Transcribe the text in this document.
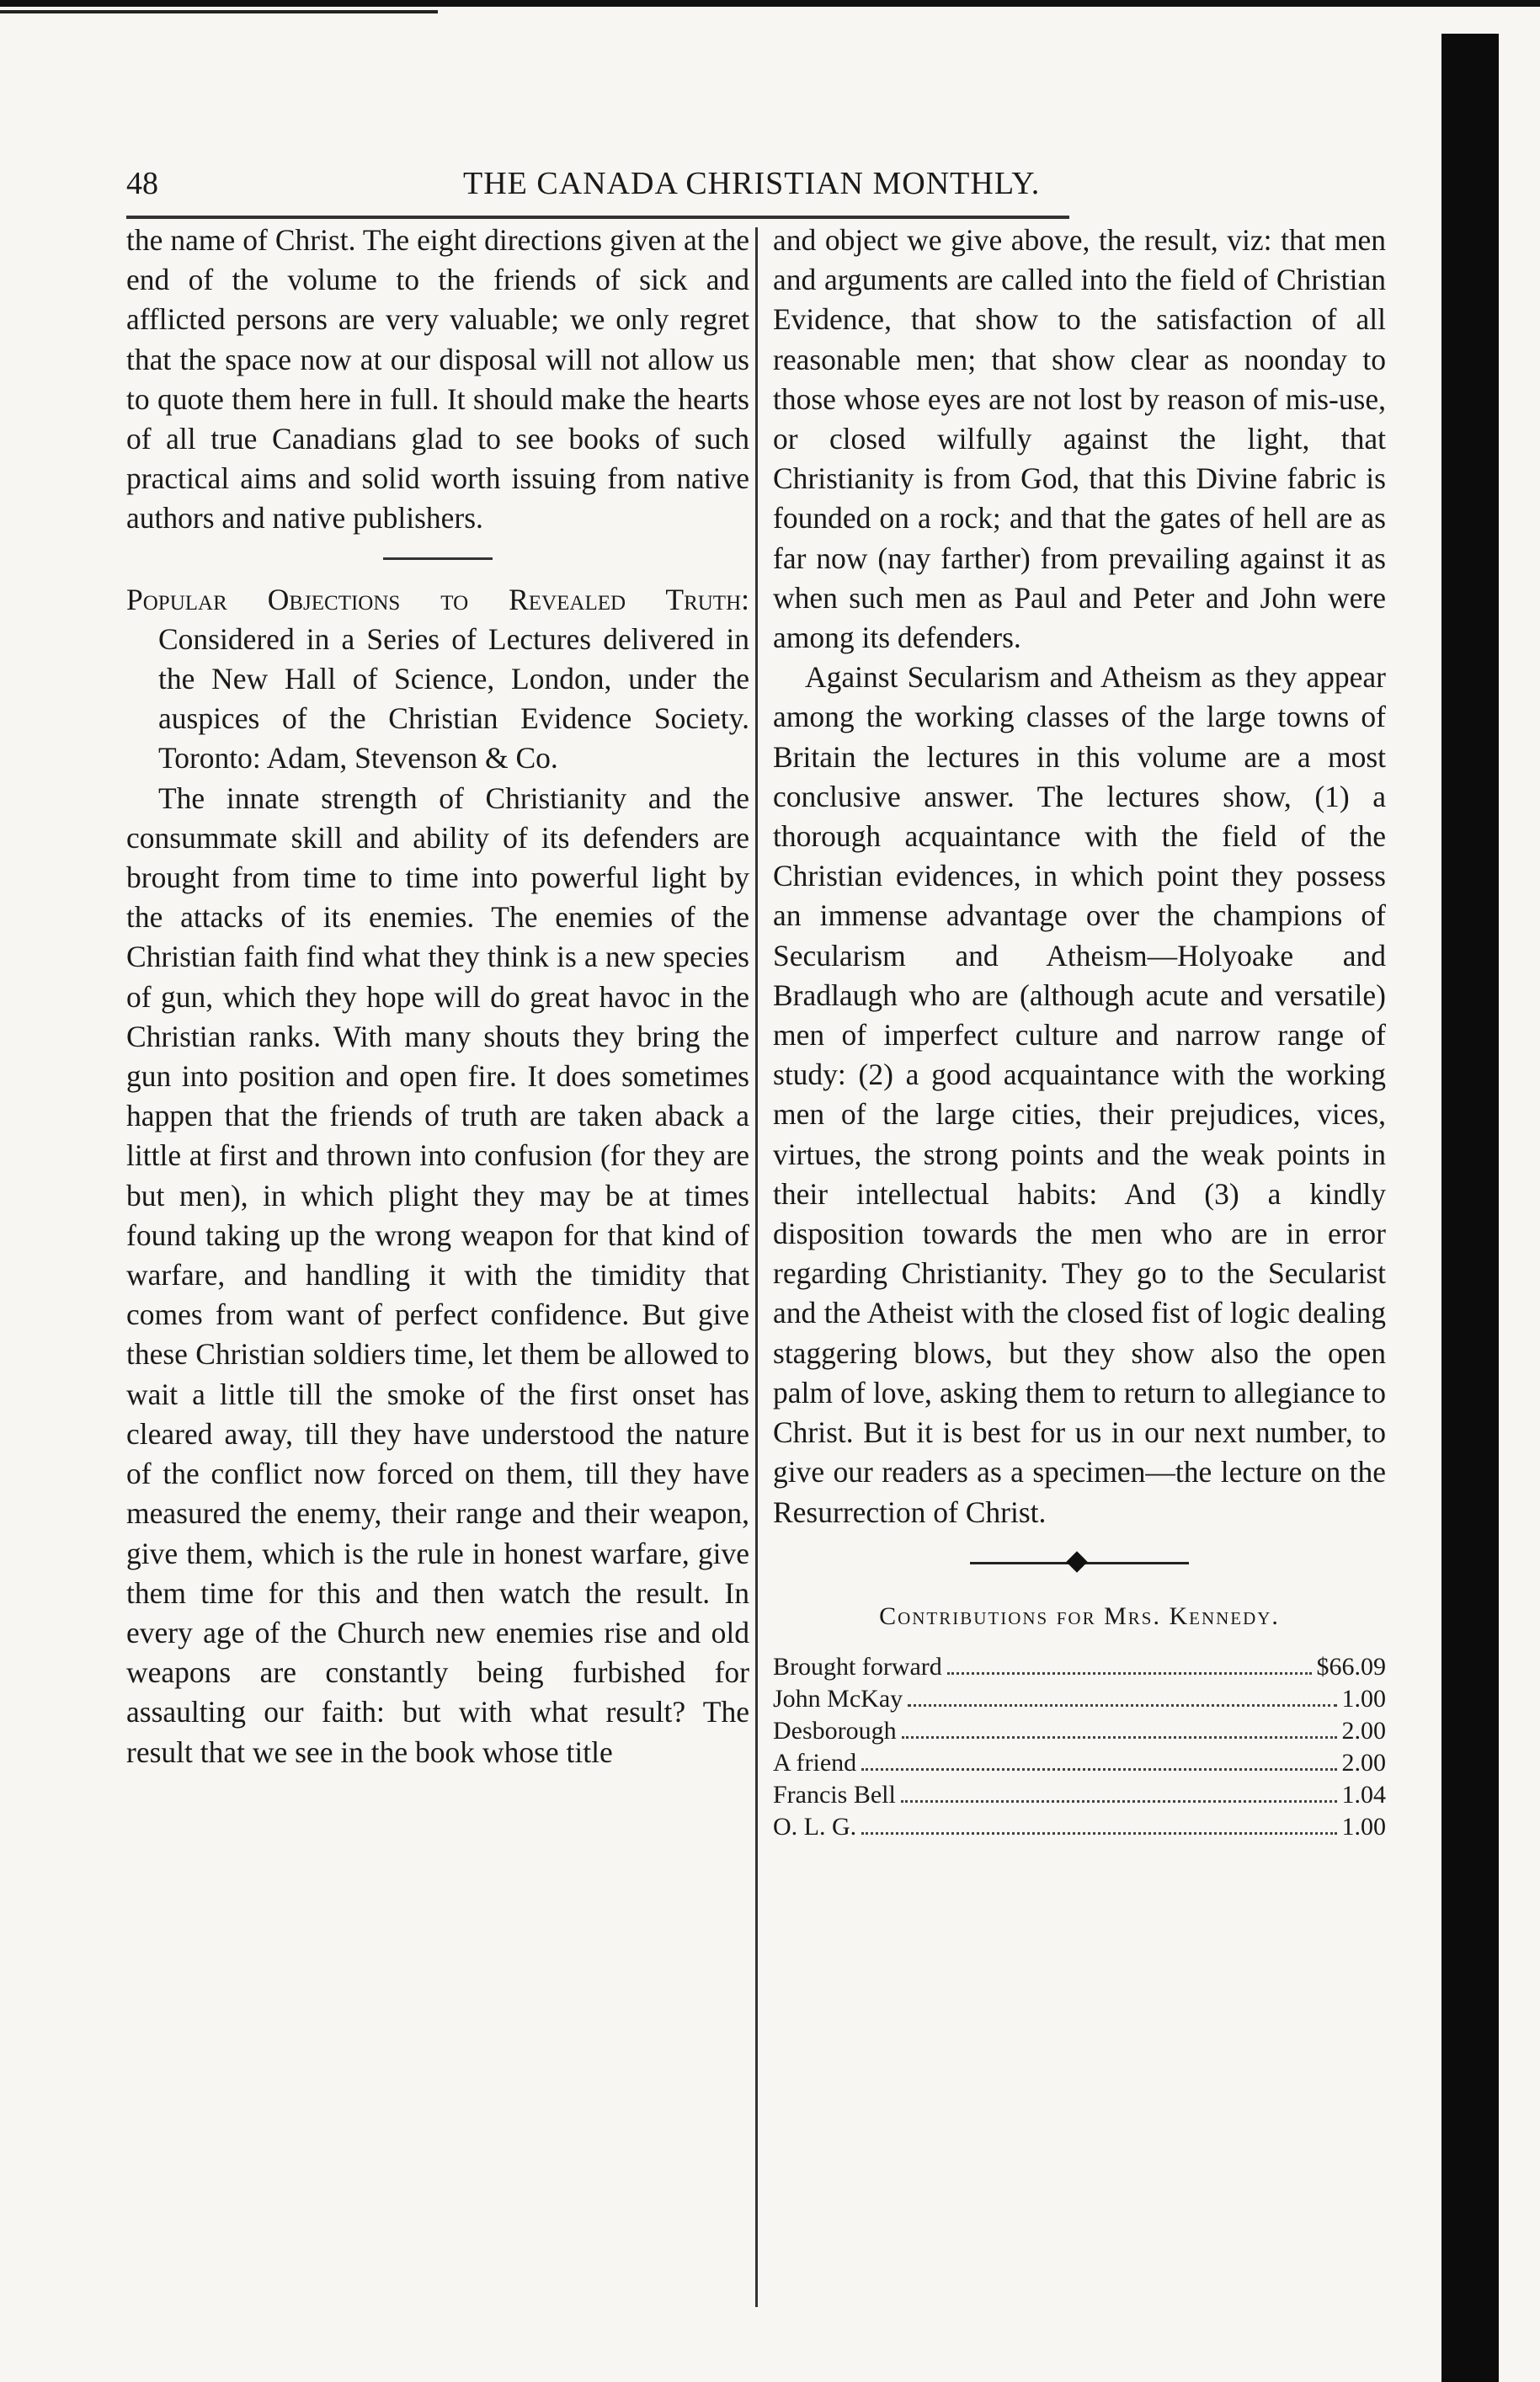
48	THE CANADA CHRISTIAN MONTHLY.

the name of Christ. The eight directions given at the end of the volume to the friends of sick and afflicted persons are very valuable; we only regret that the space now at our disposal will not allow us to quote them here in full. It should make the hearts of all true Canadians glad to see books of such practical aims and solid worth issuing from native authors and native publishers.

Popular Objections to Revealed Truth: Considered in a Series of Lectures delivered in the New Hall of Science, London, under the auspices of the Christian Evidence Society. Toronto: Adam, Stevenson & Co.

The innate strength of Christianity and the consummate skill and ability of its defenders are brought from time to time into powerful light by the attacks of its enemies. The enemies of the Christian faith find what they think is a new species of gun, which they hope will do great havoc in the Christian ranks. With many shouts they bring the gun into position and open fire. It does sometimes happen that the friends of truth are taken aback a little at first and thrown into confusion (for they are but men), in which plight they may be at times found taking up the wrong weapon for that kind of warfare, and handling it with the timidity that comes from want of perfect confidence. But give these Christian soldiers time, let them be allowed to wait a little till the smoke of the first onset has cleared away, till they have understood the nature of the conflict now forced on them, till they have measured the enemy, their range and their weapon, give them, which is the rule in honest warfare, give them time for this and then watch the result. In every age of the Church new enemies rise and old weapons are constantly being furbished for assaulting our faith: but with what result? The result that we see in the book whose title

and object we give above, the result, viz: that men and arguments are called into the field of Christian Evidence, that show to the satisfaction of all reasonable men; that show clear as noonday to those whose eyes are not lost by reason of mis-use, or closed wilfully against the light, that Christianity is from God, that this Divine fabric is founded on a rock; and that the gates of hell are as far now (nay farther) from prevailing against it as when such men as Paul and Peter and John were among its defenders.

Against Secularism and Atheism as they appear among the working classes of the large towns of Britain the lectures in this volume are a most conclusive answer. The lectures show, (1) a thorough acquaintance with the field of the Christian evidences, in which point they possess an immense advantage over the champions of Secularism and Atheism—Holyoake and Bradlaugh who are (although acute and versatile) men of imperfect culture and narrow range of study: (2) a good acquaintance with the working men of the large cities, their prejudices, vices, virtues, the strong points and the weak points in their intellectual habits: And (3) a kindly disposition towards the men who are in error regarding Christianity. They go to the Secularist and the Atheist with the closed fist of logic dealing staggering blows, but they show also the open palm of love, asking them to return to allegiance to Christ. But it is best for us in our next number, to give our readers as a specimen—the lecture on the Resurrection of Christ.

Contributions for Mrs. Kennedy.
Brought forward	$66.09
John McKay	1.00
Desborough	2.00
A friend	2.00
Francis Bell	1.04
O. L. G.	1.00
